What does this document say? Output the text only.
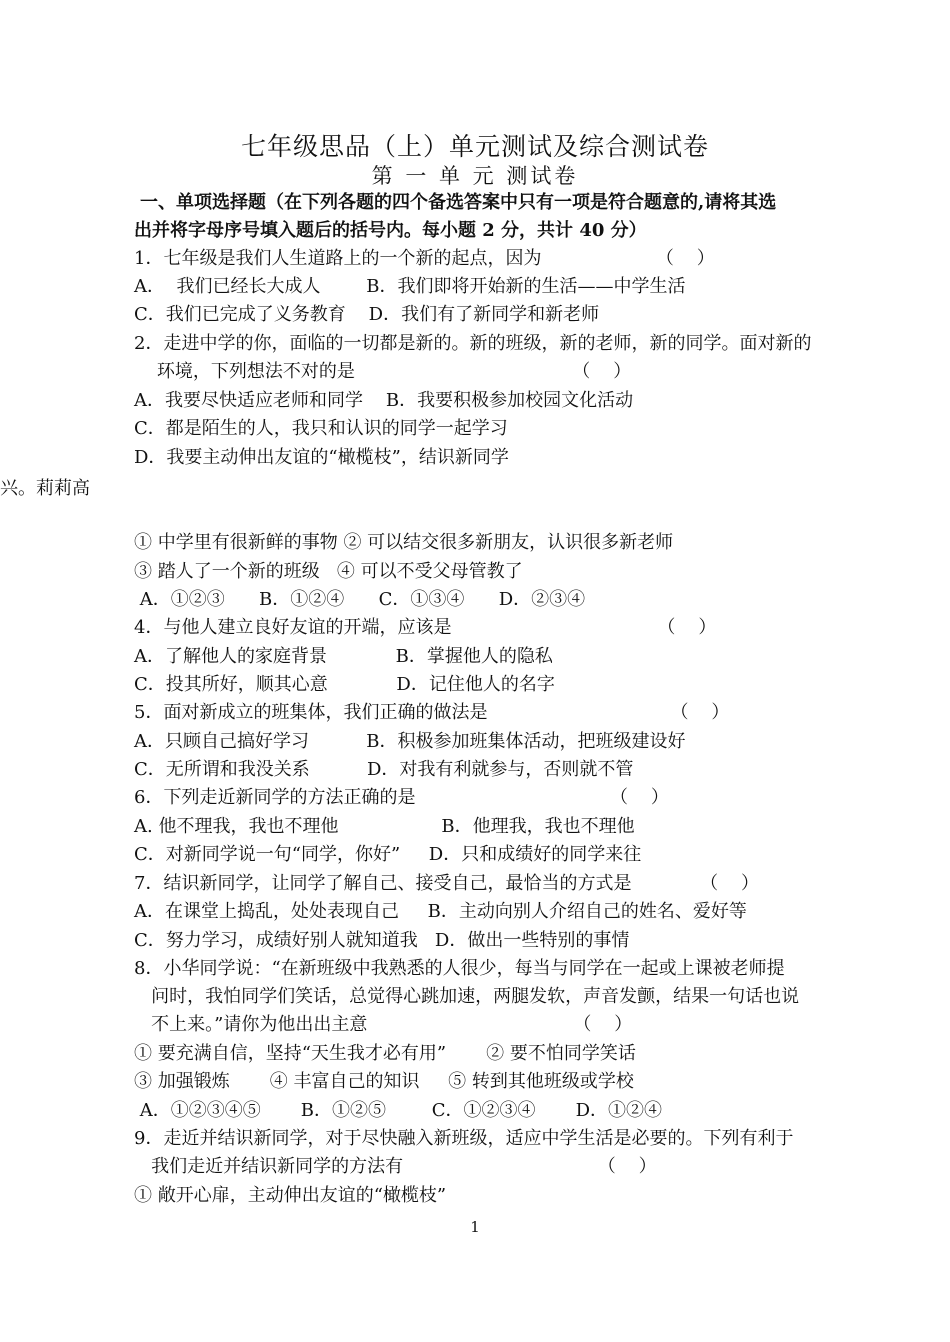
七年级思品（上）单元测试及综合测试卷
第 一 单 元 测试卷
一、单项选择题（在下列各题的四个备选答案中只有一项是符合题意的,请将其选
出并将字母序号填入题后的括号内。每小题 2 分，共计 40 分）
1．七年级是我们人生道路上的一个新的起点，因为                    （    ）
A．  我们已经长大成人        B．我们即将开始新的生活——中学生活
C．我们已完成了义务教育    D．我们有了新同学和新老师
2．走进中学的你，面临的一切都是新的。新的班级，新的老师，新的同学。面对新的
环境，下列想法不对的是                                      （    ）
A．我要尽快适应老师和同学    B．我要积极参加校园文化活动
C．都是陌生的人，我只和认识的同学一起学习
D．我要主动伸出友谊的“橄榄枝”，结识新同学
兴。莉莉高
① 中学里有很新鲜的事物 ② 可以结交很多新朋友，认识很多新老师
③ 踏人了一个新的班级   ④ 可以不受父母管教了
A．①②③      B．①②④      C．①③④      D．②③④
4．与他人建立良好友谊的开端，应该是                                    （    ）
A．了解他人的家庭背景            B．掌握他人的隐私
C．投其所好，顺其心意            D．记住他人的名字
5．面对新成立的班集体，我们正确的做法是                                （    ）
A．只顾自己搞好学习          B．积极参加班集体活动，把班级建设好
C．无所谓和我没关系          D．对我有利就参与，否则就不管
6．下列走近新同学的方法正确的是                                  （    ）
A. 他不理我，我也不理他                  B．他理我，我也不理他
C．对新同学说一句“同学，你好”     D．只和成绩好的同学来往
7．结识新同学，让同学了解自己、接受自己，最恰当的方式是            （    ）
A．在课堂上捣乱，处处表现自己     B．主动向别人介绍自己的姓名、爱好等
C．努力学习，成绩好别人就知道我   D．做出一些特别的事情
8．小华同学说：“在新班级中我熟悉的人很少，每当与同学在一起或上课被老师提
问时，我怕同学们笑话，总觉得心跳加速，两腿发软，声音发颤，结果一句话也说
不上来。”请你为他出出主意                                    （    ）
① 要充满自信，坚持“天生我才必有用”       ② 要不怕同学笑话
③ 加强锻炼       ④ 丰富自己的知识     ⑤ 转到其他班级或学校
A．①②③④⑤       B．①②⑤        C．①②③④       D．①②④
9．走近并结识新同学，对于尽快融入新班级，适应中学生活是必要的。下列有利于
我们走近并结识新同学的方法有                                  （    ）
① 敞开心扉，主动伸出友谊的“橄榄枝”
1
